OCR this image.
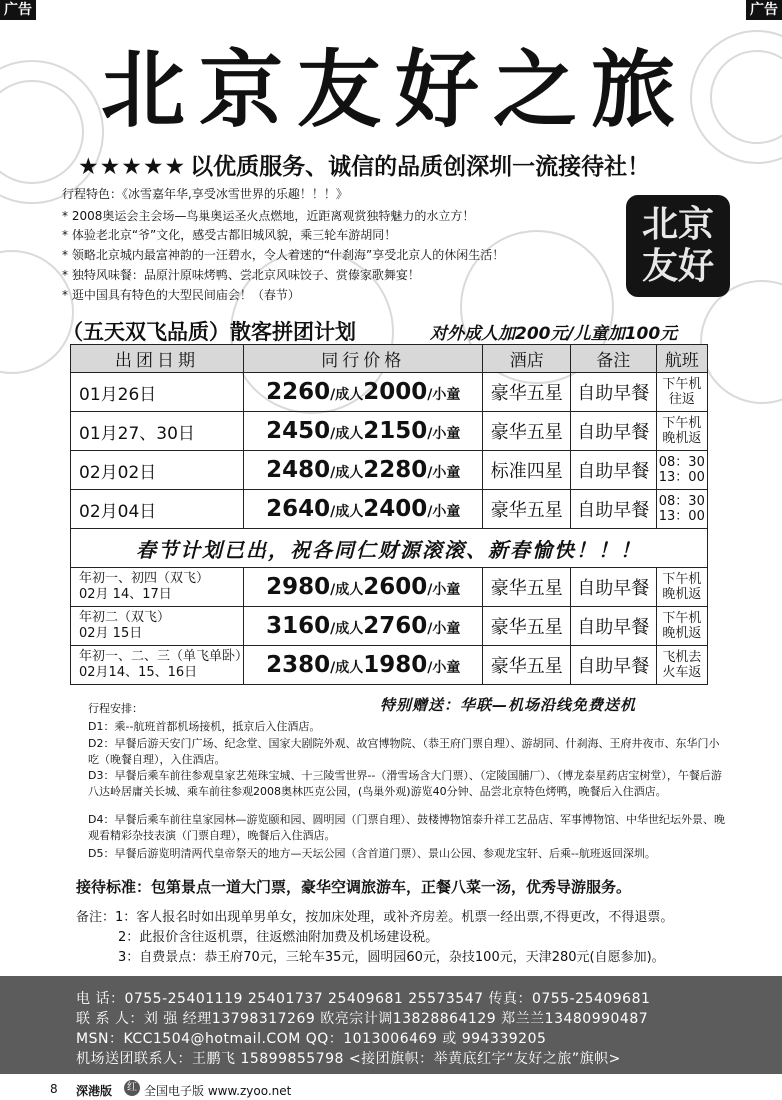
广告	广告
北京友好之旅
★★★★★ 以优质服务、诚信的品质创深圳一流接待社！
行程特色：《冰雪嘉年华,享受冰雪世界的乐趣！！！》
* 2008奥运会主会场—鸟巢奥运圣火点燃地，近距离观赏独特魅力的水立方！
* 体验老北京“爷”文化，感受古都旧城风貌，乘三轮车游胡同！
* 领略北京城内最富神韵的一汪碧水，令人着迷的“什刹海”享受北京人的休闲生活！
* 独特风味餐：品原汁原味烤鸭、尝北京风味饺子、赏傣家歌舞宴！
* 逛中国具有特色的大型民间庙会！（春节）
北京友好
（五天双飞品质）散客拼团计划	对外成人加200元/儿童加100元
出团日期	同行价格	酒店	备注	航班
01月26日	2260/成人2000/小童	豪华五星	自助早餐	下午机 往返
01月27、30日	2450/成人2150/小童	豪华五星	自助早餐	下午机 晚机返
02月02日	2480/成人2280/小童	标准四星	自助早餐	08：30 13：00
02月04日	2640/成人2400/小童	豪华五星	自助早餐	08：30 13：00
春节计划已出，祝各同仁财源滚滚、新春愉快！！！				

年初一、初四（双飞）
02月 14、17日	2980/成人2600/小童	豪华五星	自助早餐	下午机 晚机返

年初二（双飞）
02月 15日	3160/成人2760/小童	豪华五星	自助早餐	下午机 晚机返

年初一、二、三（单飞单卧）
02月14、15、16日	2380/成人1980/小童	豪华五星	自助早餐	飞机去 火车返
行程安排：	特别赠送：华联—机场沿线免费送机
D1：乘--航班首都机场接机，抵京后入住酒店。
D2：早餐后游天安门广场、纪念堂、国家大剧院外观、故宫博物院、（恭王府门票自理）、游胡同、什刹海、王府井夜市、东华门小吃（晚餐自理），入住酒店。
D3：早餐后乘车前往参观皇家艺苑珠宝城、十三陵雪世界--（滑雪场含大门票）、（定陵国脯厂）、（博龙泰星药店宝树堂），午餐后游八达岭居庸关长城、乘车前往参观2008奥林匹克公园，(鸟巢外观)游览40分钟、品尝北京特色烤鸭，晚餐后入住酒店。
D4：早餐后乘车前往皇家园林—游览颐和园、圆明园（门票自理）、鼓楼博物馆泰升祥工艺品店、军事博物馆、中华世纪坛外景、晚观看精彩杂技表演（门票自理），晚餐后入住酒店。
D5：早餐后游览明清两代皇帝祭天的地方—天坛公园（含首道门票）、景山公园、参观龙宝轩、后乘--航班返回深圳。
接待标准：包第景点一道大门票，豪华空调旅游车，正餐八菜一汤，优秀导游服务。
备注：1：客人报名时如出现单男单女，按加床处理，或补齐房差。机票一经出票,不得更改，不得退票。
2：此报价含往返机票，往返燃油附加费及机场建设税。
3：自费景点：恭王府70元，三轮车35元，圆明园60元，杂技100元，天津280元(自愿参加)。
电 话：0755-25401119 25401737 25409681 25573547 传真：0755-25409681
联 系 人：刘 强 经理13798317269 欧亮宗计调13828864129 郑兰兰13480990487
MSN：KCC1504@hotmail.COM QQ：1013006469 或 994339205
机场送团联系人：王鹏飞 15899855798 <接团旗帜：举黄底红字“友好之旅”旗帜>
8 深港版	红 全国电子版 www.zyoo.net
